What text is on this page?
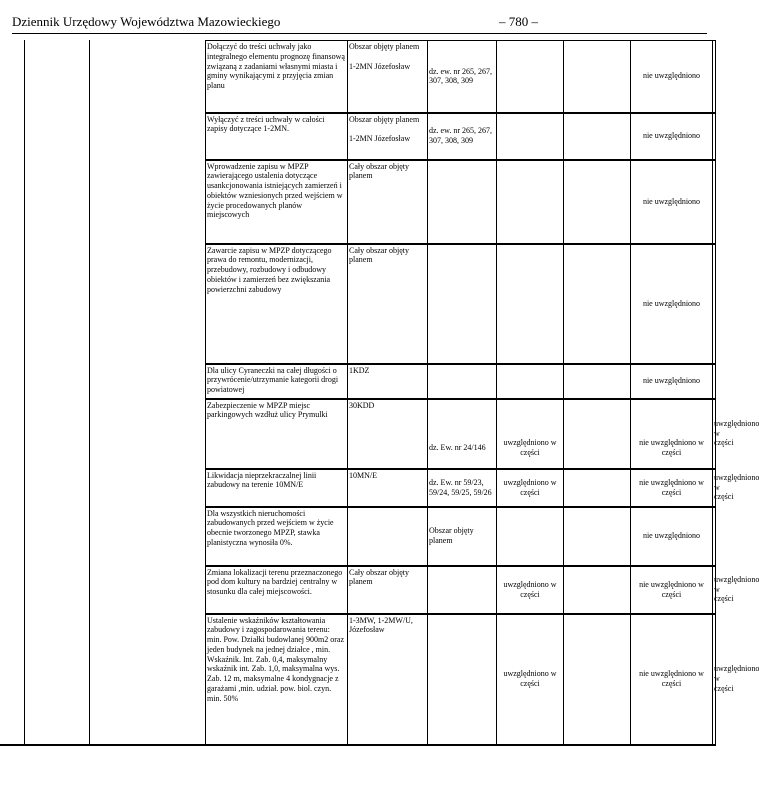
Dziennik Urzędowy Województwa Mazowieckiego	– 780 –
Dołączyć do treści uchwały jako integralnego elementu prognozę finansową związaną z zadaniami własnymi miasta i gminy wynikającymi z przyjęcia zmian planu	Obszar objęty planem

1-2MN Józefosław	dz. ew. nr 265, 267, 307, 308, 309			nie uwzględniono	
Wyłączyć z treści uchwały w całości zapisy dotyczące 1-2MN.	Obszar objęty planem

1-2MN Józefosław	dz. ew. nr 265, 267, 307, 308, 309			nie uwzględniono	
Wprowadzenie zapisu w MPZP zawierającego ustalenia dotyczące usankcjonowania istniejących zamierzeń i obiektów wzniesionych przed wejściem w życie procedowanych planów miejscowych	Cały obszar objęty planem				nie uwzględniono	
Zawarcie zapisu w MPZP dotyczącego prawa do remontu, modernizacji, przebudowy, rozbudowy i odbudowy obiektów i zamierzeń bez zwiększania powierzchni zabudowy	Cały obszar objęty planem				nie uwzględniono	
Dla ulicy Cyraneczki na całej długości o przywrócenie/utrzymanie kategorii drogi powiatowej	1KDZ				nie uwzględniono	
Zabezpieczenie w MPZP miejsc parkingowych wzdłuż ulicy Prymulki	30KDD	dz. Ew. nr 24/146	uwzględniono w części		nie uwzględniono w części	uwzględniono w części
Likwidacja nieprzekraczalnej linii zabudowy na terenie 10MN/E	10MN/E	dz. Ew. nr 59/23, 59/24, 59/25, 59/26	uwzględniono w części		nie uwzględniono w części	uwzględniono w części
Dla wszystkich nieruchomości zabudowanych przed wejściem w życie obecnie tworzonego MPZP, stawka planistyczna wynosiła 0%.		Obszar objęty planem			nie uwzględniono	
Zmiana lokalizacji terenu przeznaczonego pod dom kultury na bardziej centralny w stosunku dla całej miejscowości.	Cały obszar objęty planem		uwzględniono w części		nie uwzględniono w części	uwzględniono w części
Ustalenie wskaźników kształtowania zabudowy i zagospodarowania terenu: min. Pow. Działki budowlanej 900m2 oraz jeden budynek na jednej działce , min. Wskaźnik. Int. Zab. 0,4, maksymalny wskaźnik int. Zab. 1,0, maksymalna wys. Zab. 12 m, maksymalne 4 kondygnacje z garażami ,min. udział. pow. biol. czyn. min. 50%	1-3MW, 1-2MW/U, Józefosław		uwzględniono w części		nie uwzględniono w części	uwzględniono w części
